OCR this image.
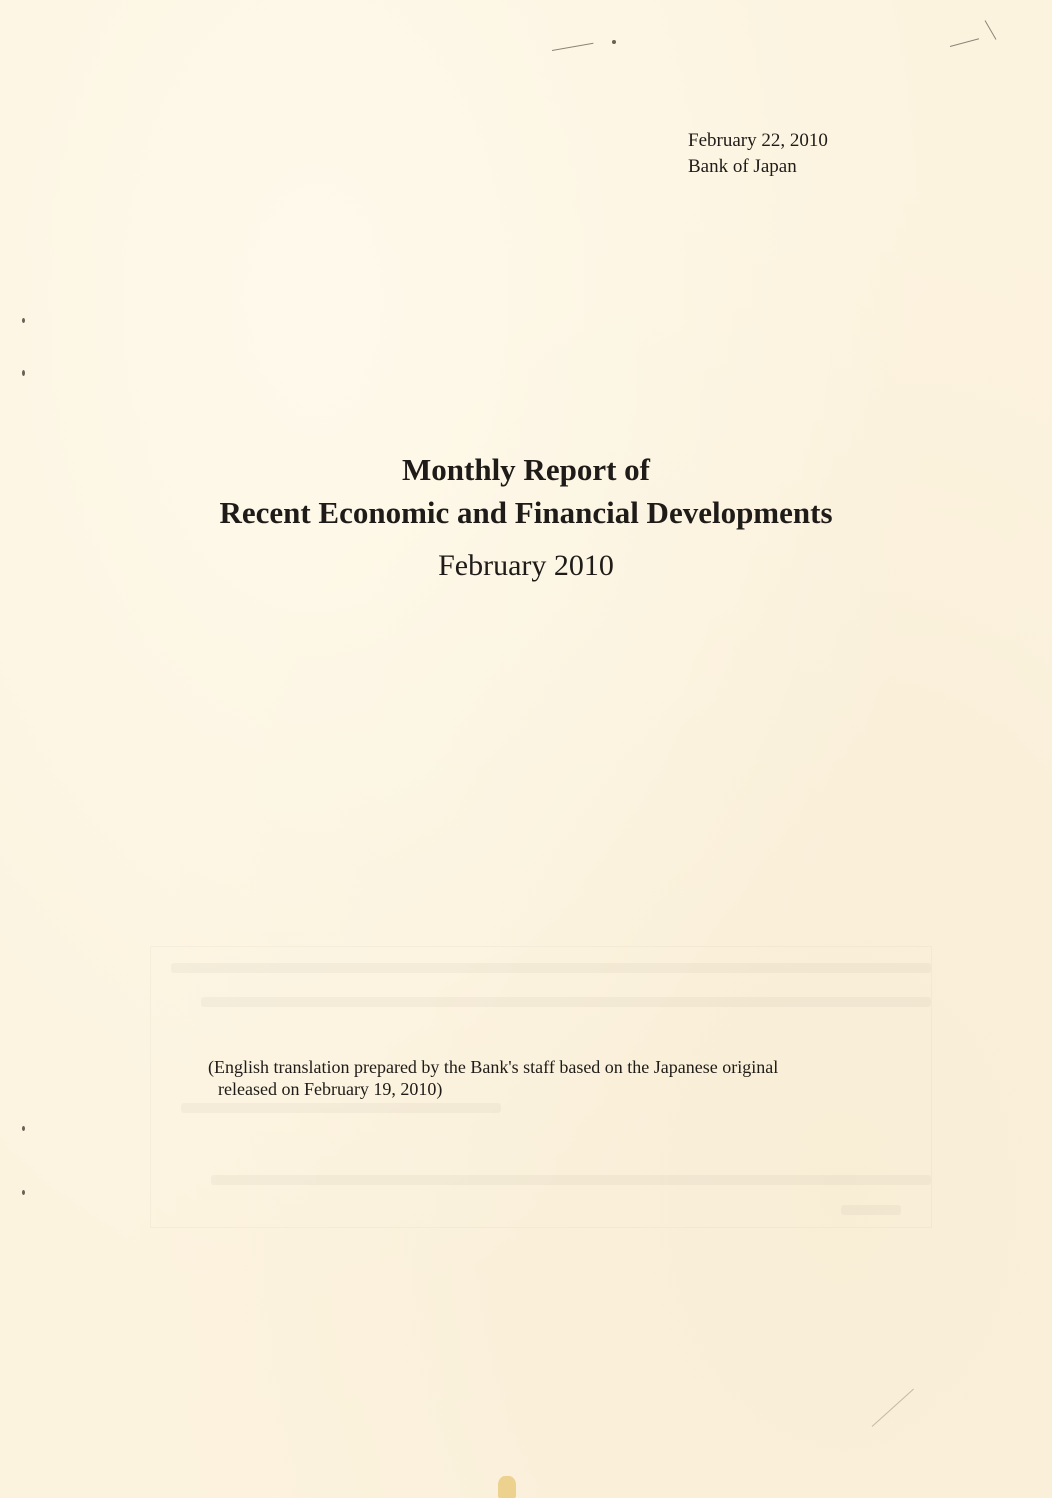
February 22, 2010
Bank of Japan
Monthly Report of
Recent Economic and Financial Developments
February 2010
(English translation prepared by the Bank's staff based on the Japanese original
released on February 19, 2010)
